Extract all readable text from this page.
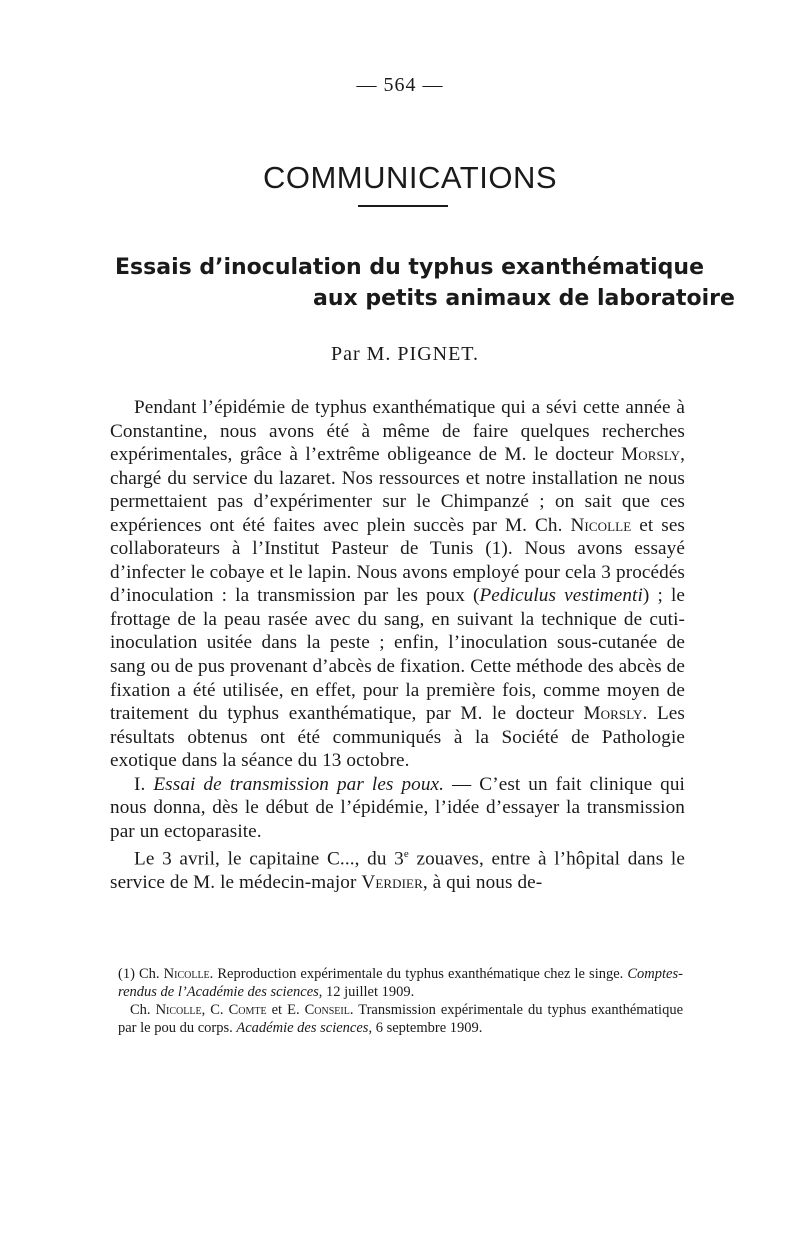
— 564 —
COMMUNICATIONS
Essais d’inoculation du typhus exanthématique
aux petits animaux de laboratoire
Par M. PIGNET.

Pendant l’épidémie de typhus exanthématique qui a sévi cette année à Constantine, nous avons été à même de faire quelques recherches expérimentales, grâce à l’extrême obligeance de M. le docteur Morsly, chargé du service du lazaret. Nos ressources et notre installation ne nous permettaient pas d’expérimenter sur le Chimpanzé ; on sait que ces expériences ont été faites avec plein succès par M. Ch. Nicolle et ses collaborateurs à l’Institut Pasteur de Tunis (1). Nous avons essayé d’infecter le cobaye et le lapin. Nous avons employé pour cela 3 procédés d’inoculation : la transmission par les poux (Pediculus vestimenti) ; le frottage de la peau rasée avec du sang, en suivant la technique de cuti-inoculation usitée dans la peste ; enfin, l’inoculation sous-cutanée de sang ou de pus provenant d’abcès de fixation. Cette méthode des abcès de fixation a été utilisée, en effet, pour la première fois, comme moyen de traitement du typhus exanthématique, par M. le docteur Morsly. Les résultats obtenus ont été communiqués à la Société de Pathologie exotique dans la séance du 13 octobre.

I. Essai de transmission par les poux. — C’est un fait clinique qui nous donna, dès le début de l’épidémie, l’idée d’essayer la transmission par un ectoparasite.

Le 3 avril, le capitaine C..., du 3e zouaves, entre à l’hôpital dans le service de M. le médecin-major Verdier, à qui nous de-

(1) Ch. Nicolle. Reproduction expérimentale du typhus exanthématique chez le singe. Comptes-rendus de l’Académie des sciences, 12 juillet 1909.

Ch. Nicolle, C. Comte et E. Conseil. Transmission expérimentale du typhus exanthématique par le pou du corps. Académie des sciences, 6 septembre 1909.
